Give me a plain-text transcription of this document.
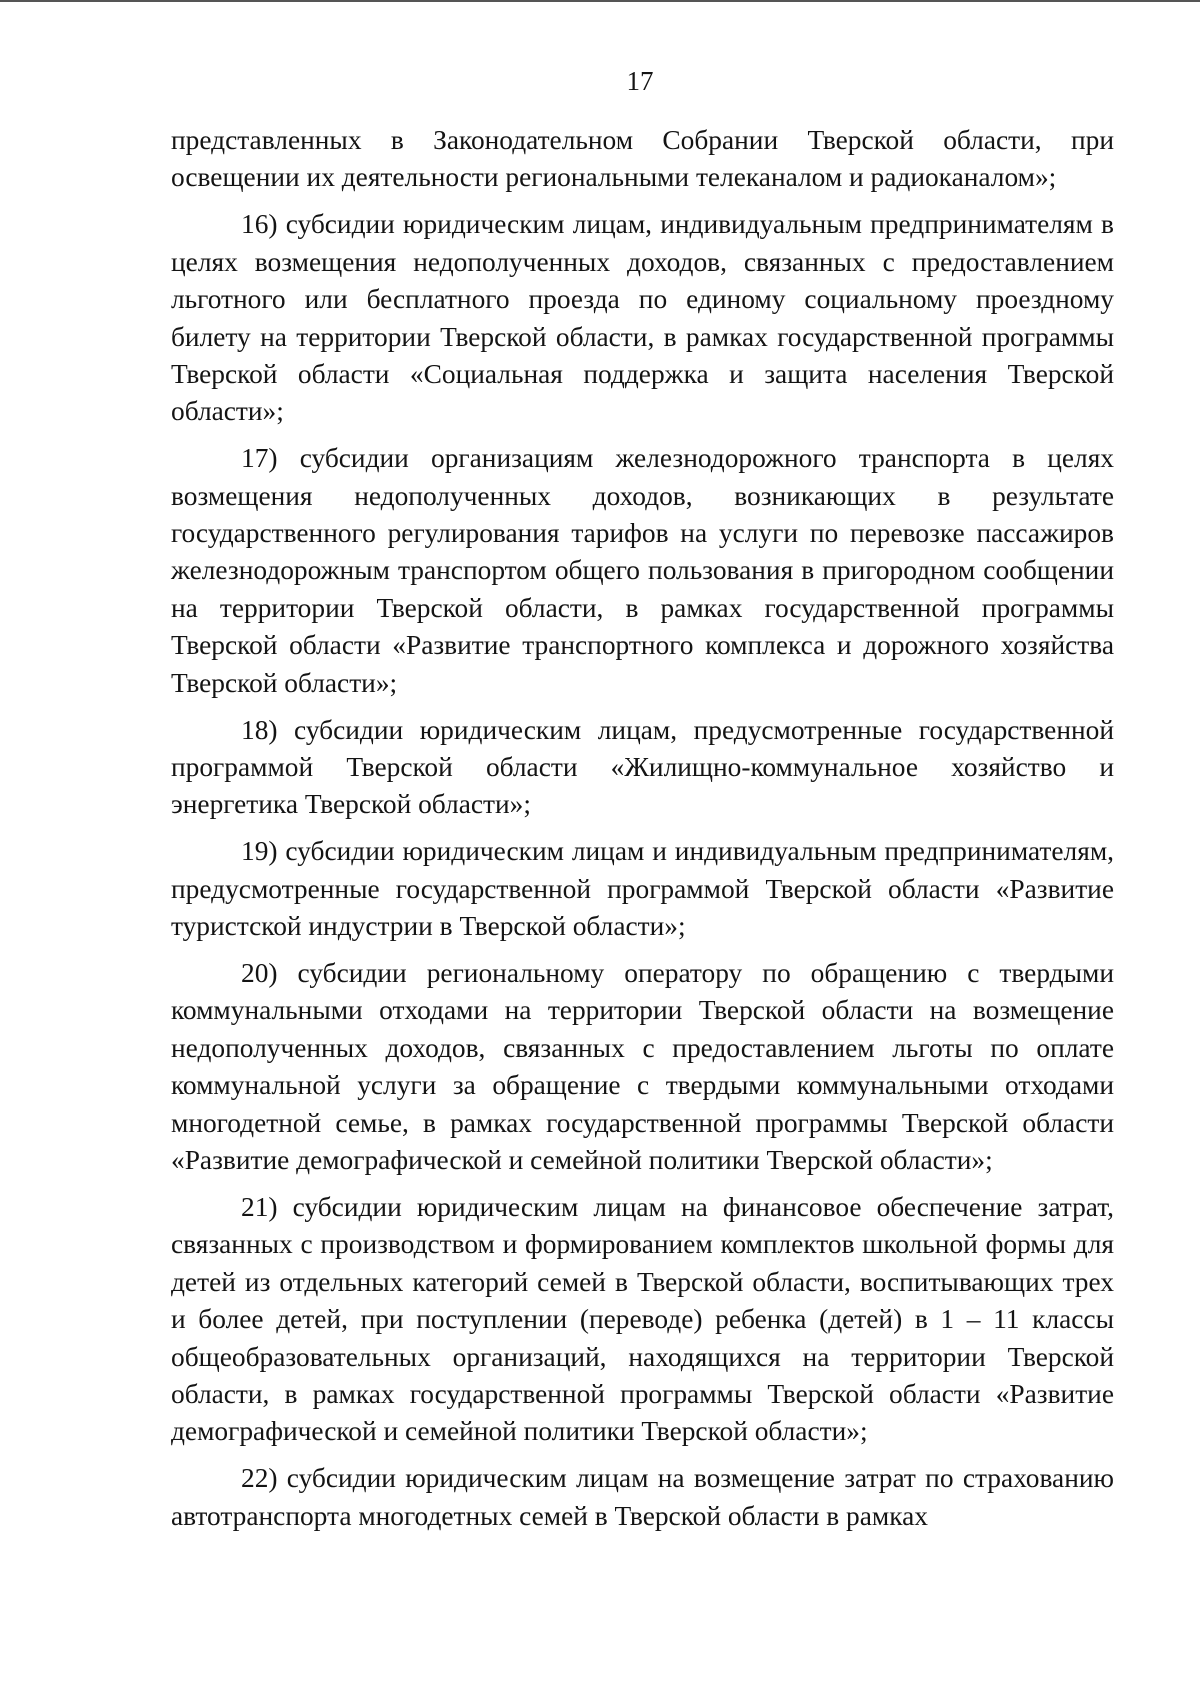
17

представленных в Законодательном Собрании Тверской области, при освещении их деятельности региональными телеканалом и радиоканалом»;

16) субсидии юридическим лицам, индивидуальным предпринимателям в целях возмещения недополученных доходов, связанных с предоставлением льготного или бесплатного проезда по единому социальному проездному билету на территории Тверской области, в рамках государственной программы Тверской области «Социальная поддержка и защита населения Тверской области»;

17) субсидии организациям железнодорожного транспорта в целях возмещения недополученных доходов, возникающих в результате государственного регулирования тарифов на услуги по перевозке пассажиров железнодорожным транспортом общего пользования в пригородном сообщении на территории Тверской области, в рамках государственной программы Тверской области «Развитие транспортного комплекса и дорожного хозяйства Тверской области»;

18) субсидии юридическим лицам, предусмотренные государственной программой Тверской области «Жилищно-коммунальное хозяйство и энергетика Тверской области»;

19) субсидии юридическим лицам и индивидуальным предпринимателям, предусмотренные государственной программой Тверской области «Развитие туристской индустрии в Тверской области»;

20) субсидии региональному оператору по обращению с твердыми коммунальными отходами на территории Тверской области на возмещение недополученных доходов, связанных с предоставлением льготы по оплате коммунальной услуги за обращение с твердыми коммунальными отходами многодетной семье, в рамках государственной программы Тверской области «Развитие демографической и семейной политики Тверской области»;

21) субсидии юридическим лицам на финансовое обеспечение затрат, связанных с производством и формированием комплектов школьной формы для детей из отдельных категорий семей в Тверской области, воспитывающих трех и более детей, при поступлении (переводе) ребенка (детей) в 1 – 11 классы общеобразовательных организаций, находящихся на территории Тверской области, в рамках государственной программы Тверской области «Развитие демографической и семейной политики Тверской области»;

22) субсидии юридическим лицам на возмещение затрат по страхованию автотранспорта многодетных семей в Тверской области в рамках
